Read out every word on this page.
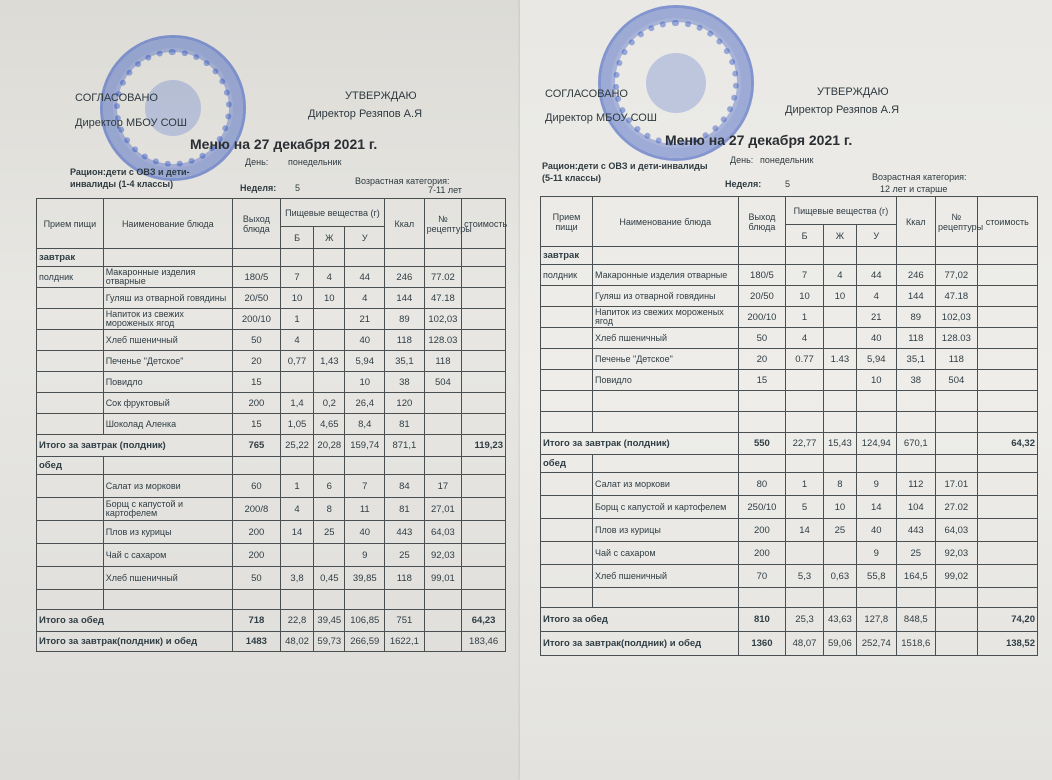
СОГЛАСОВАНО	УТВЕРЖДАЮ
Директор МБОУ СОШ
Директор Резяпов А.Я
Меню на 27 декабря 2021 г.
День: понедельник
Рацион:дети с ОВЗ и дети-инвалиды (1-4 классы)	Неделя: 5
Возрастная категория:
7-11 лет
Прием пищи	Наименование блюда	Выход блюда	Пищевые вещества (г)			Ккал	№ рецептуры	стоимость
			Б	Ж	У			
завтрак								
полдник	Макаронные изделия отварные	180/5	7	4	44	246	77.02	
	Гуляш из отварной говядины	20/50	10	10	4	144	47.18	
	Напиток из свежих мороженых ягод	200/10	1		21	89	102,03	
	Хлеб пшеничный	50	4		40	118	128.03	
	Печенье "Детское"	20	0,77	1,43	5,94	35,1	118	
	Повидло	15			10	38	504	
	Сок фруктовый	200	1,4	0,2	26,4	120		
	Шоколад Аленка	15	1,05	4,65	8,4	81		
Итого за завтрак (полдник)		765	25,22	20,28	159,74	871,1		119,23
обед								
	Салат из моркови	60	1	6	7	84	17	
	Борщ с капустой и картофелем	200/8	4	8	11	81	27,01	
	Плов из курицы	200	14	25	40	443	64,03	
	Чай с сахаром	200			9	25	92,03	
	Хлеб пшеничный	50	3,8	0,45	39,85	118	99,01	

Итого за обед		718	22,8	39,45	106,85	751		64,23
Итого за завтрак(полдник) и обед		1483	48,02	59,73	266,59	1622,1		183,46
СОГЛАСОВАНО	УТВЕРЖДАЮ
Директор МБОУ СОШ
Директор Резяпов А.Я
Меню на 27 декабря 2021 г.
День: понедельник
Рацион:дети с ОВЗ и дети-инвалиды (5-11 классы)
Неделя:	5
Возрастная категория:
12 лет и старше
Прием пищи	Наименование блюда	Выход блюда	Пищевые вещества (г)			Ккал	№ рецептуры	стоимость
			Б	Ж	У			
завтрак								
полдник	Макаронные изделия отварные	180/5	7	4	44	246	77,02	
	Гуляш из отварной говядины	20/50	10	10	4	144	47.18	
	Напиток из свежих мороженых ягод	200/10	1		21	89	102,03	
	Хлеб пшеничный	50	4		40	118	128.03	
	Печенье "Детское"	20	0.77	1.43	5,94	35,1	118	
	Повидло	15			10	38	504	

Итого за завтрак (полдник)		550	22,77	15,43	124,94	670,1		64,32
обед								
	Салат из моркови	80	1	8	9	112	17.01	
	Борщ с капустой и картофелем	250/10	5	10	14	104	27.02	
	Плов из курицы	200	14	25	40	443	64,03	
	Чай с сахаром	200			9	25	92,03	
	Хлеб пшеничный	70	5,3	0,63	55,8	164,5	99,02	

Итого за обед		810	25,3	43,63	127,8	848,5		74,20
Итого за завтрак(полдник) и обед		1360	48,07	59,06	252,74	1518,6		138,52
